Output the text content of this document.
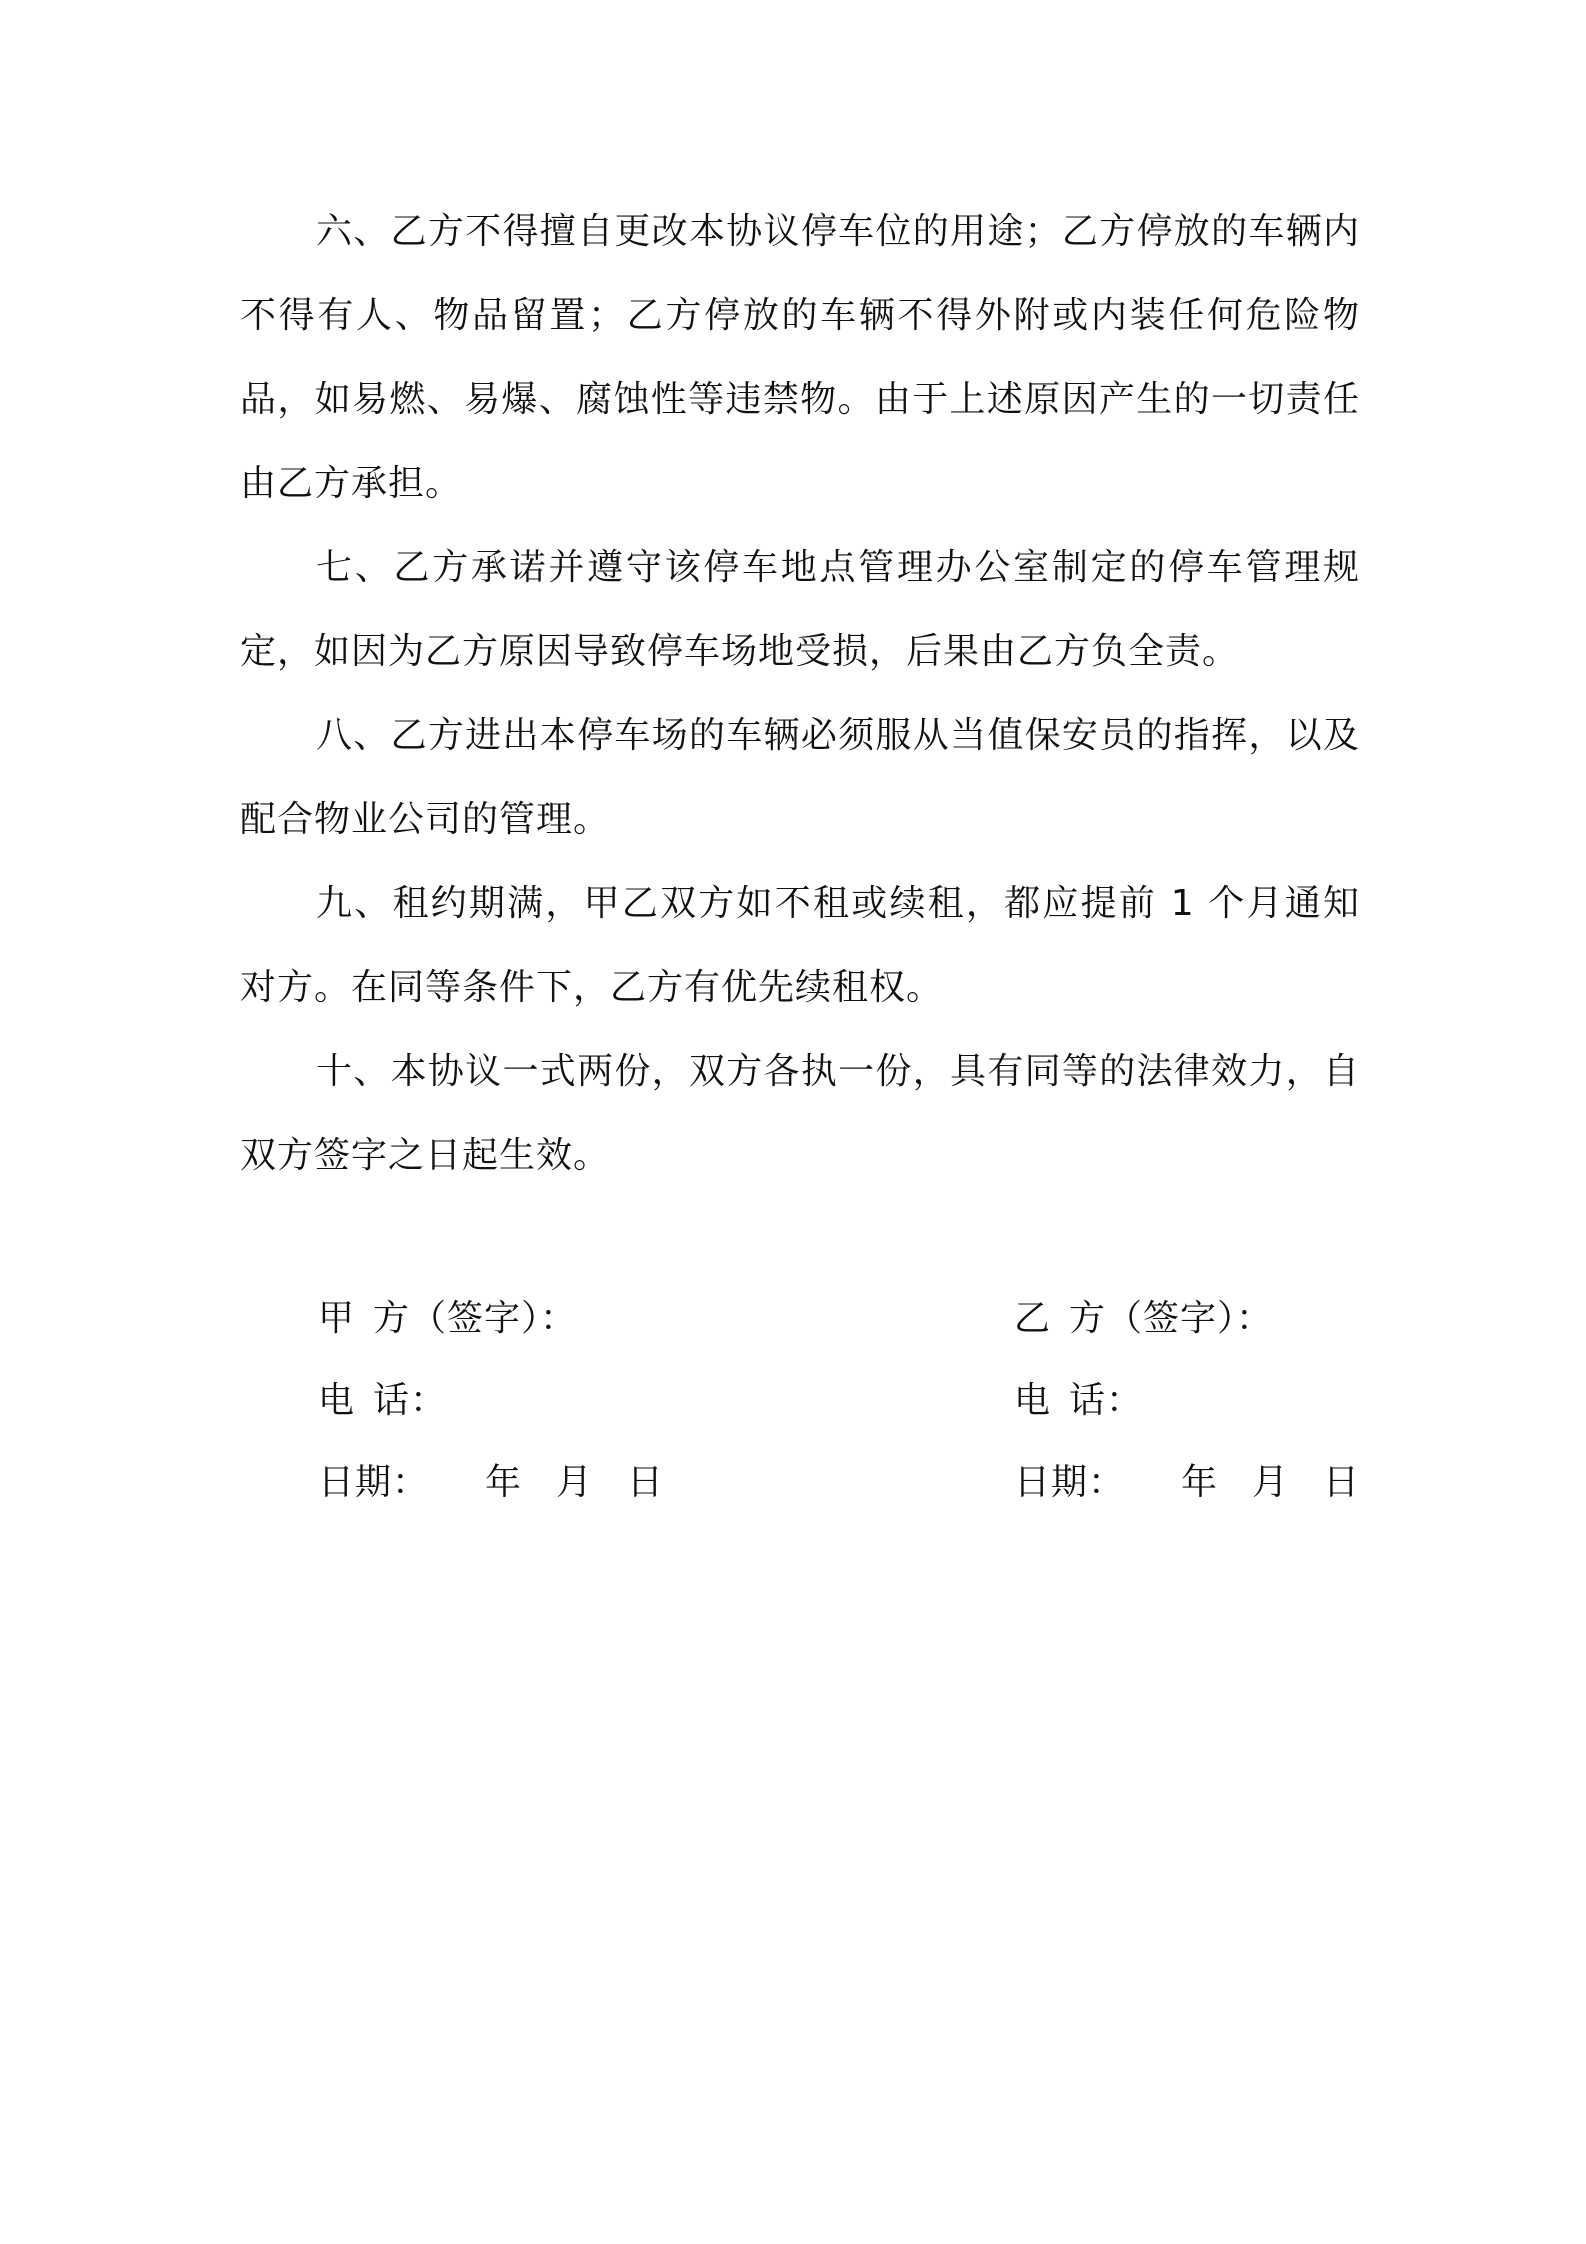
六、乙方不得擅自更改本协议停车位的用途；乙方停放的车辆内不得有人、物品留置；乙方停放的车辆不得外附或内装任何危险物品，如易燃、易爆、腐蚀性等违禁物。由于上述原因产生的一切责任由乙方承担。

七、乙方承诺并遵守该停车地点管理办公室制定的停车管理规定，如因为乙方原因导致停车场地受损，后果由乙方负全责。

八、乙方进出本停车场的车辆必须服从当值保安员的指挥，以及配合物业公司的管理。

九、租约期满，甲乙双方如不租或续租，都应提前 1 个月通知对方。在同等条件下，乙方有优先续租权。

十、本协议一式两份，双方各执一份，具有同等的法律效力，自双方签字之日起生效。

甲 方（签字）：
电 话：
日期： 年 月 日
乙 方（签字）：
电 话：
日期： 年 月 日
